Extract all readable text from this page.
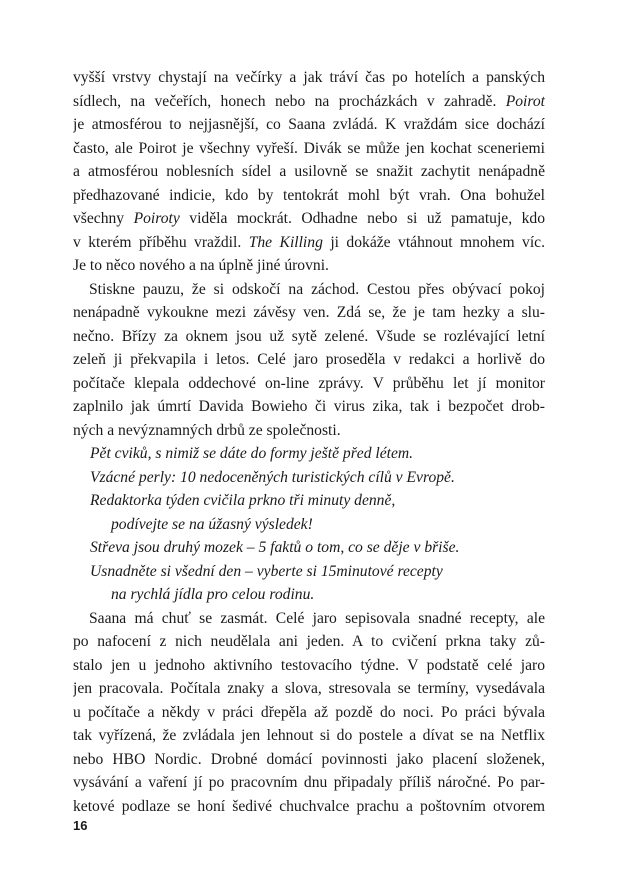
vyšší vrstvy chystají na večírky a jak tráví čas po hotelích a panských
sídlech, na večeřích, honech nebo na procházkách v zahradě. Poirot
je atmosférou to nejjasnější, co Saana zvládá. K vraždám sice dochází
často, ale Poirot je všechny vyřeší. Divák se může jen kochat sceneriemi
a atmosférou noblesních sídel a usilovně se snažit zachytit nenápadně
předhazované indicie, kdo by tentokrát mohl být vrah. Ona bohužel
všechny Poiroty viděla mockrát. Odhadne nebo si už pamatuje, kdo
v kterém příběhu vraždil. The Killing ji dokáže vtáhnout mnohem víc.
Je to něco nového a na úplně jiné úrovni.
Stiskne pauzu, že si odskočí na záchod. Cestou přes obývací pokoj
nenápadně vykoukne mezi závěsy ven. Zdá se, že je tam hezky a slu-
nečno. Břízy za oknem jsou už sytě zelené. Všude se rozlévající letní
zeleň ji překvapila i letos. Celé jaro proseděla v redakci a horlivě do
počítače klepala oddechové on-line zprávy. V průběhu let jí monitor
zaplnilo jak úmrtí Davida Bowieho či virus zika, tak i bezpočet drob-
ných a nevýznamných drbů ze společnosti.
Pět cviků, s nimiž se dáte do formy ještě před létem.
Vzácné perly: 10 nedoceněných turistických cílů v Evropě.
Redaktorka týden cvičila prkno tři minuty denně,
podívejte se na úžasný výsledek!
Střeva jsou druhý mozek – 5 faktů o tom, co se děje v břiše.
Usnadněte si všední den – vyberte si 15minutové recepty
na rychlá jídla pro celou rodinu.
Saana má chuť se zasmát. Celé jaro sepisovala snadné recepty, ale
po nafocení z nich neudělala ani jeden. A to cvičení prkna taky zů-
stalo jen u jednoho aktivního testovacího týdne. V podstatě celé jaro
jen pracovala. Počítala znaky a slova, stresovala se termíny, vysedávala
u počítače a někdy v práci dřepěla až pozdě do noci. Po práci bývala
tak vyřízená, že zvládala jen lehnout si do postele a dívat se na Netflix
nebo HBO Nordic. Drobné domácí povinnosti jako placení složenek,
vysávání a vaření jí po pracovním dnu připadaly příliš náročné. Po par-
ketové podlaze se honí šedivé chuchvalce prachu a poštovním otvorem
16
